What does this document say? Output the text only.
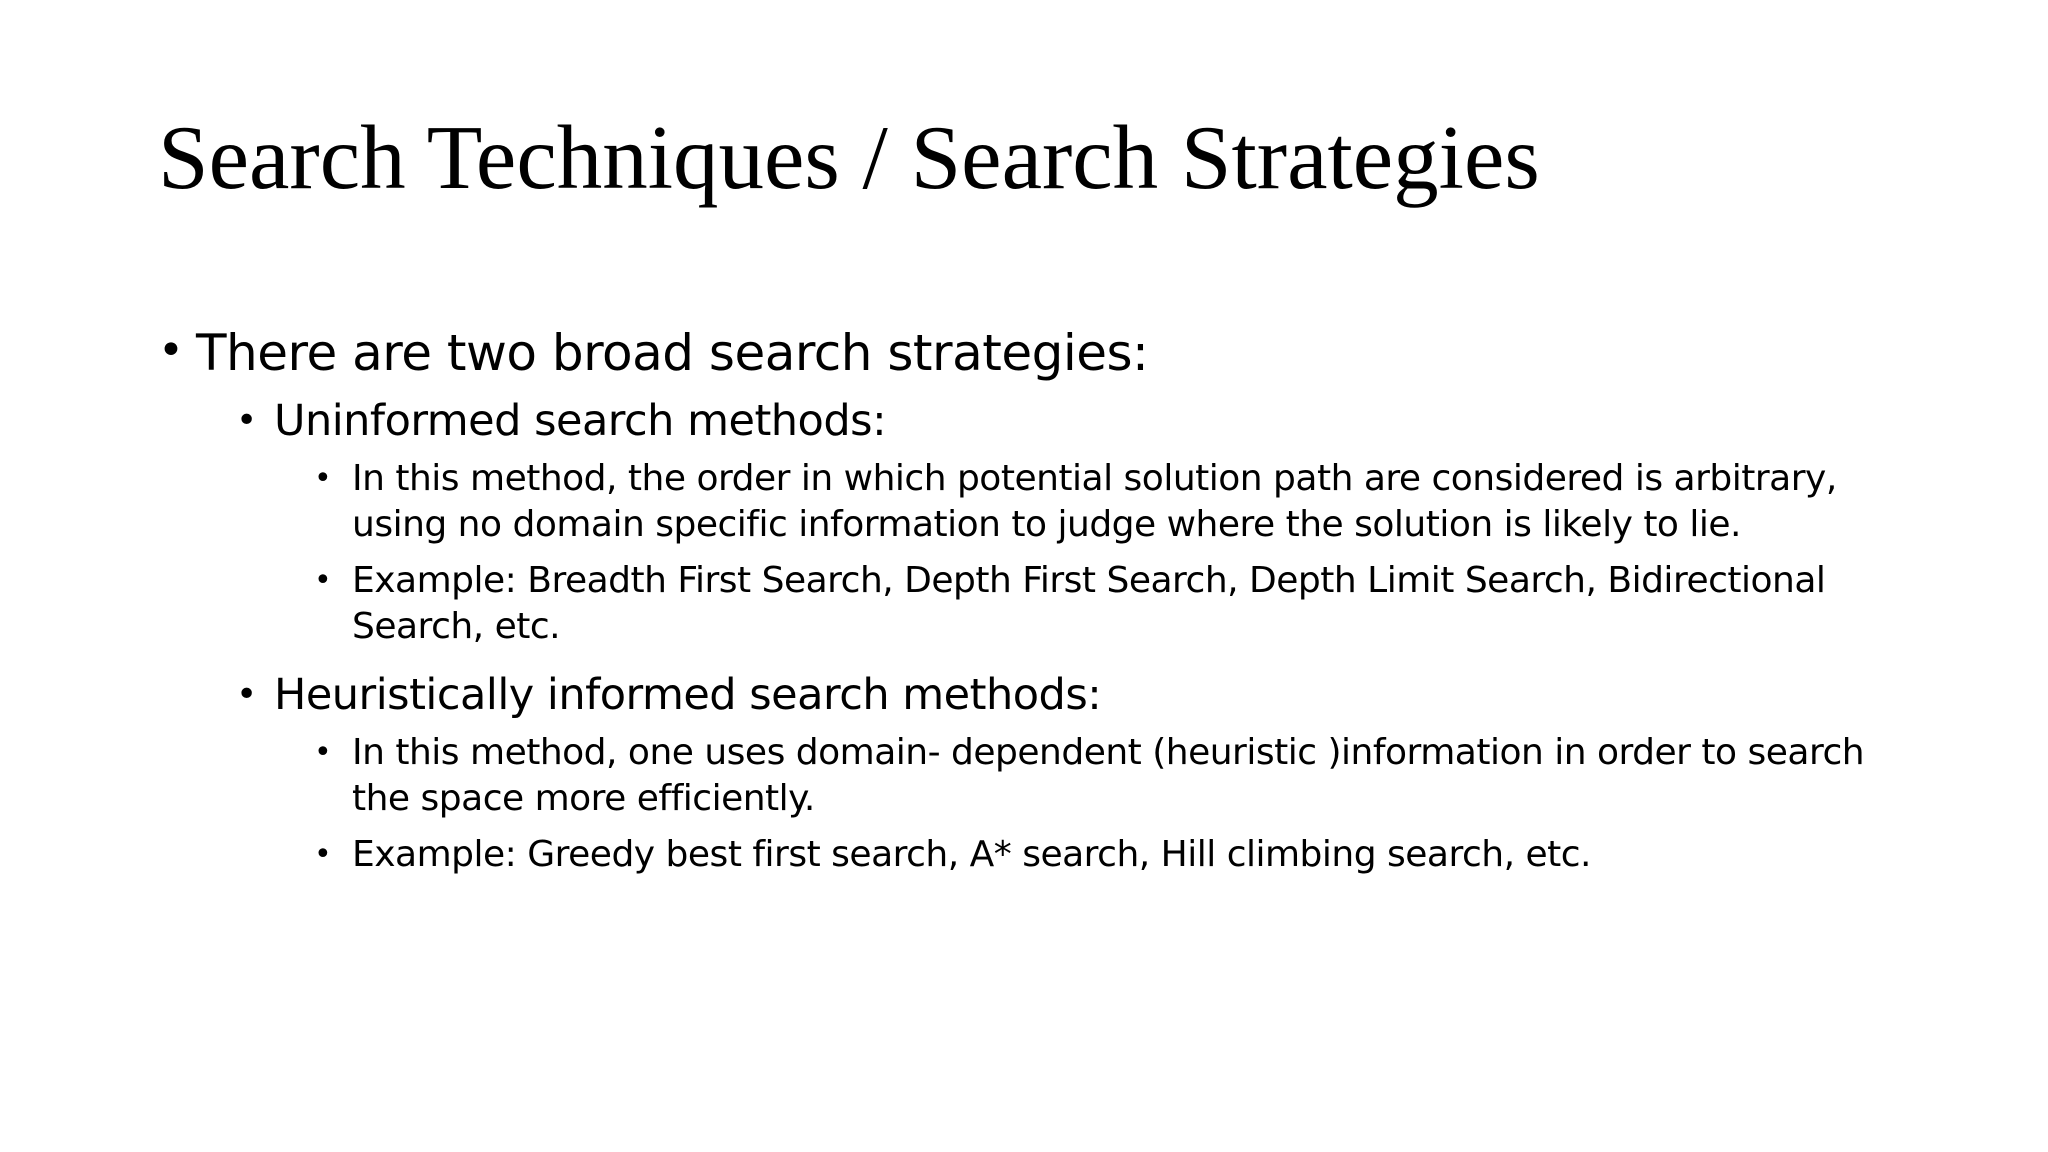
Search Techniques / Search Strategies
• There are two broad search strategies:
• Uninformed search methods:
• In this method, the order in which potential solution path are considered is arbitrary, using no domain specific information to judge where the solution is likely to lie.
• Example: Breadth First Search, Depth First Search, Depth Limit Search, Bidirectional Search, etc.
• Heuristically informed search methods:
• In this method, one uses domain- dependent (heuristic )information in order to search the space more efficiently.
• Example: Greedy best first search, A* search, Hill climbing search, etc.
